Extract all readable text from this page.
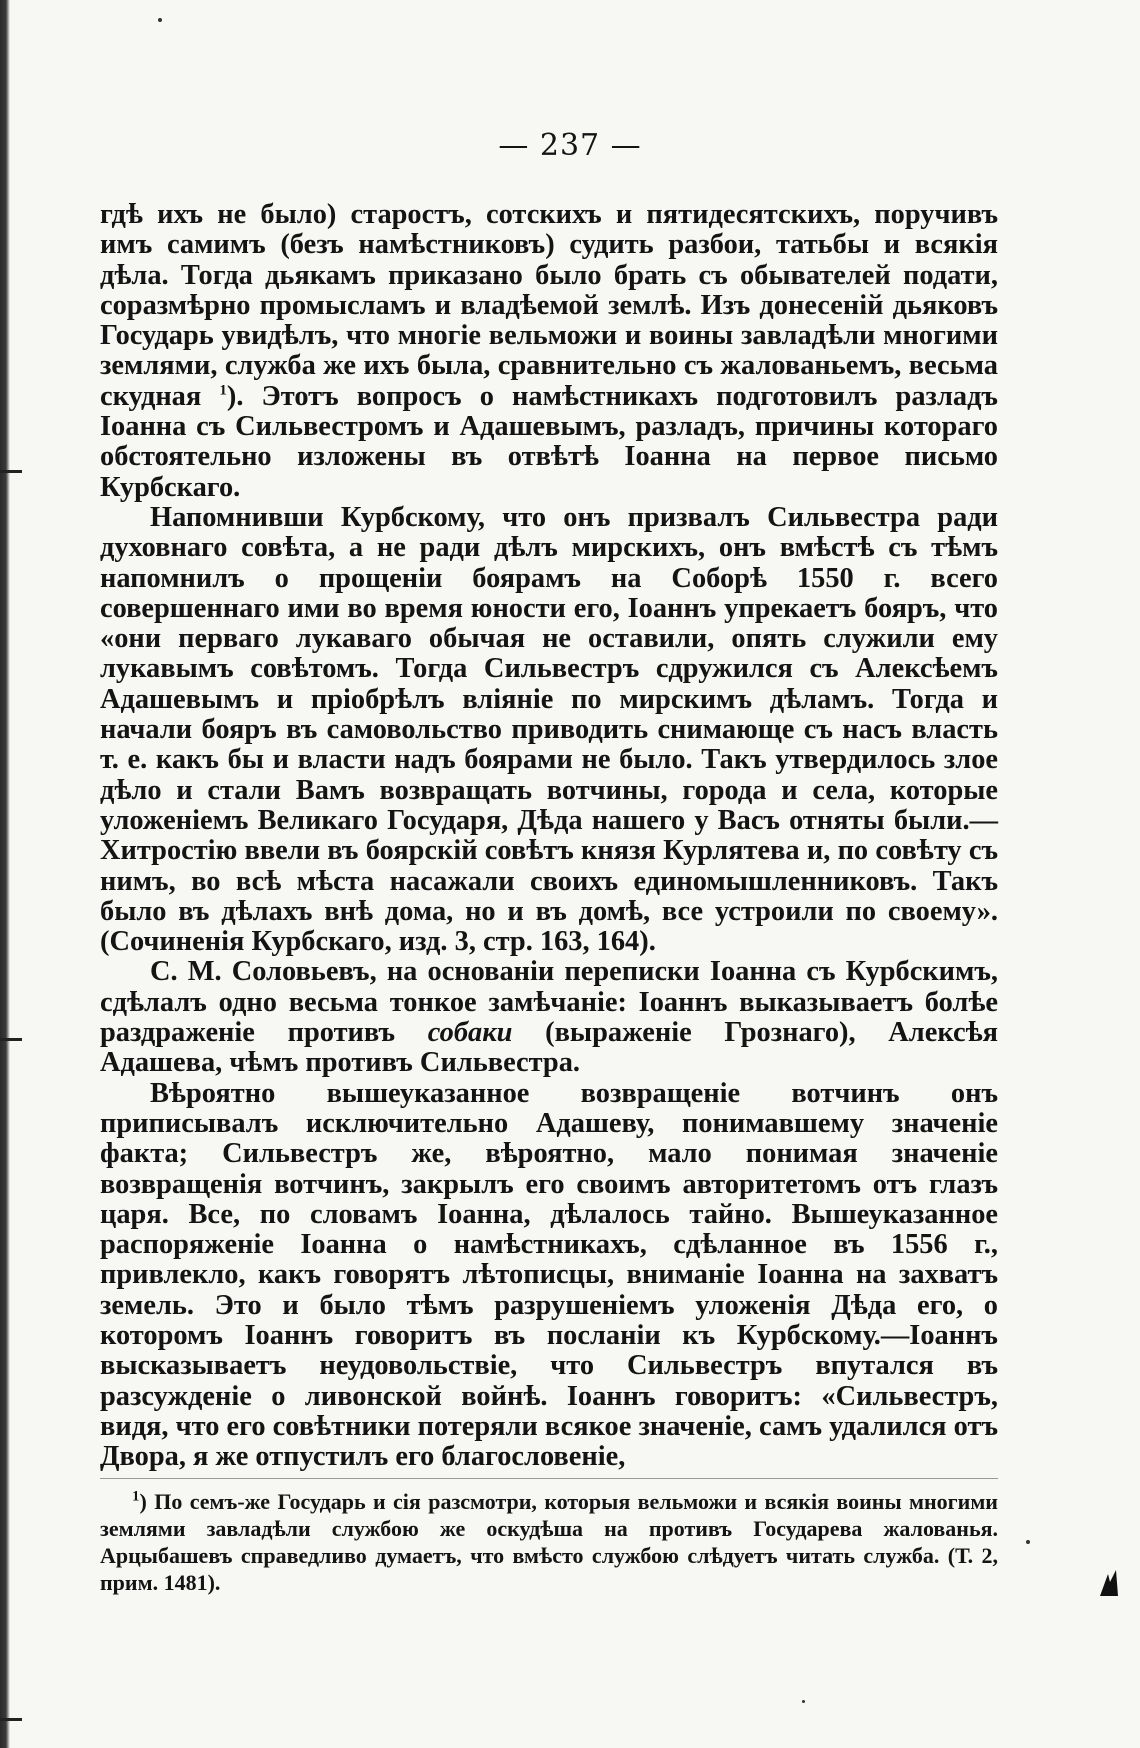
— 237 —

гдѣ ихъ не было) старостъ, сотскихъ и пятидесятскихъ, поручивъ имъ самимъ (безъ намѣстниковъ) судить разбои, татьбы и всякія дѣла. Тогда дьякамъ приказано было брать съ обывателей подати, соразмѣрно промысламъ и владѣемой землѣ. Изъ донесеній дьяковъ Государь увидѣлъ, что многіе вельможи и воины завладѣли многими землями, служба же ихъ была, сравнительно съ жалованьемъ, весьма скудная $^1$). Этотъ вопросъ о намѣстникахъ подготовилъ разладъ Іоанна съ Сильвестромъ и Адашевымъ, разладъ, причины котораго обстоятельно изложены въ отвѣтѣ Іоанна на первое письмо Курбскаго.

Напомнивши Курбскому, что онъ призвалъ Сильвестра ради духовнаго совѣта, а не ради дѣлъ мирскихъ, онъ вмѣстѣ съ тѣмъ напомнилъ о прощеніи боярамъ на Соборѣ 1550 г. всего совершеннаго ими во время юности его, Іоаннъ упрекаетъ бояръ, что «они перваго лукаваго обычая не оставили, опять служили ему лукавымъ совѣтомъ. Тогда Сильвестръ сдружился съ Алексѣемъ Адашевымъ и пріобрѣлъ вліяніе по мирскимъ дѣламъ. Тогда и начали бояръ въ самовольство приводить снимающе съ насъ власть т. е. какъ бы и власти надъ боярами не было. Такъ утвердилось злое дѣло и стали Вамъ возвращать вотчины, города и села, которые уложеніемъ Великаго Государя, Дѣда нашего у Васъ отняты были.—Хитростію ввели въ боярскій совѣтъ князя Курлятева и, по совѣту съ нимъ, во всѣ мѣста насажали своихъ единомышленниковъ. Такъ было въ дѣлахъ внѣ дома, но и въ домѣ, все устроили по своему». (Сочиненія Курбскаго, изд. 3, стр. 163, 164).

С. М. Соловьевъ, на основаніи переписки Іоанна съ Курбскимъ, сдѣлалъ одно весьма тонкое замѣчаніе: Іоаннъ выказываетъ болѣе раздраженіе противъ собаки (выраженіе Грознаго), Алексѣя Адашева, чѣмъ противъ Сильвестра.

Вѣроятно вышеуказанное возвращеніе вотчинъ онъ приписывалъ исключительно Адашеву, понимавшему значеніе факта; Сильвестръ же, вѣроятно, мало понимая значеніе возвращенія вотчинъ, закрылъ его своимъ авторитетомъ отъ глазъ царя. Все, по словамъ Іоанна, дѣлалось тайно. Вышеуказанное распоряженіе Іоанна о намѣстникахъ, сдѣланное въ 1556 г., привлекло, какъ говорятъ лѣтописцы, вниманіе Іоанна на захватъ земель. Это и было тѣмъ разрушеніемъ уложенія Дѣда его, о которомъ Іоаннъ говоритъ въ посланіи къ Курбскому.—Іоаннъ высказываетъ неудовольствіе, что Сильвестръ впутался въ разсужденіе о ливонской войнѣ. Іоаннъ говоритъ: «Сильвестръ, видя, что его совѣтники потеряли всякое значеніе, самъ удалился отъ Двора, я же отпустилъ его благословеніе,

$^1$) По семъ-же Государь и сія разсмотри, которыя вельможи и всякія воины многими землями завладѣли службою же оскудѣша на противъ Государева жалованья. Арцыбашевъ справедливо думаетъ, что вмѣсто службою слѣдуетъ читать служба. (Т. 2, прим. 1481).
